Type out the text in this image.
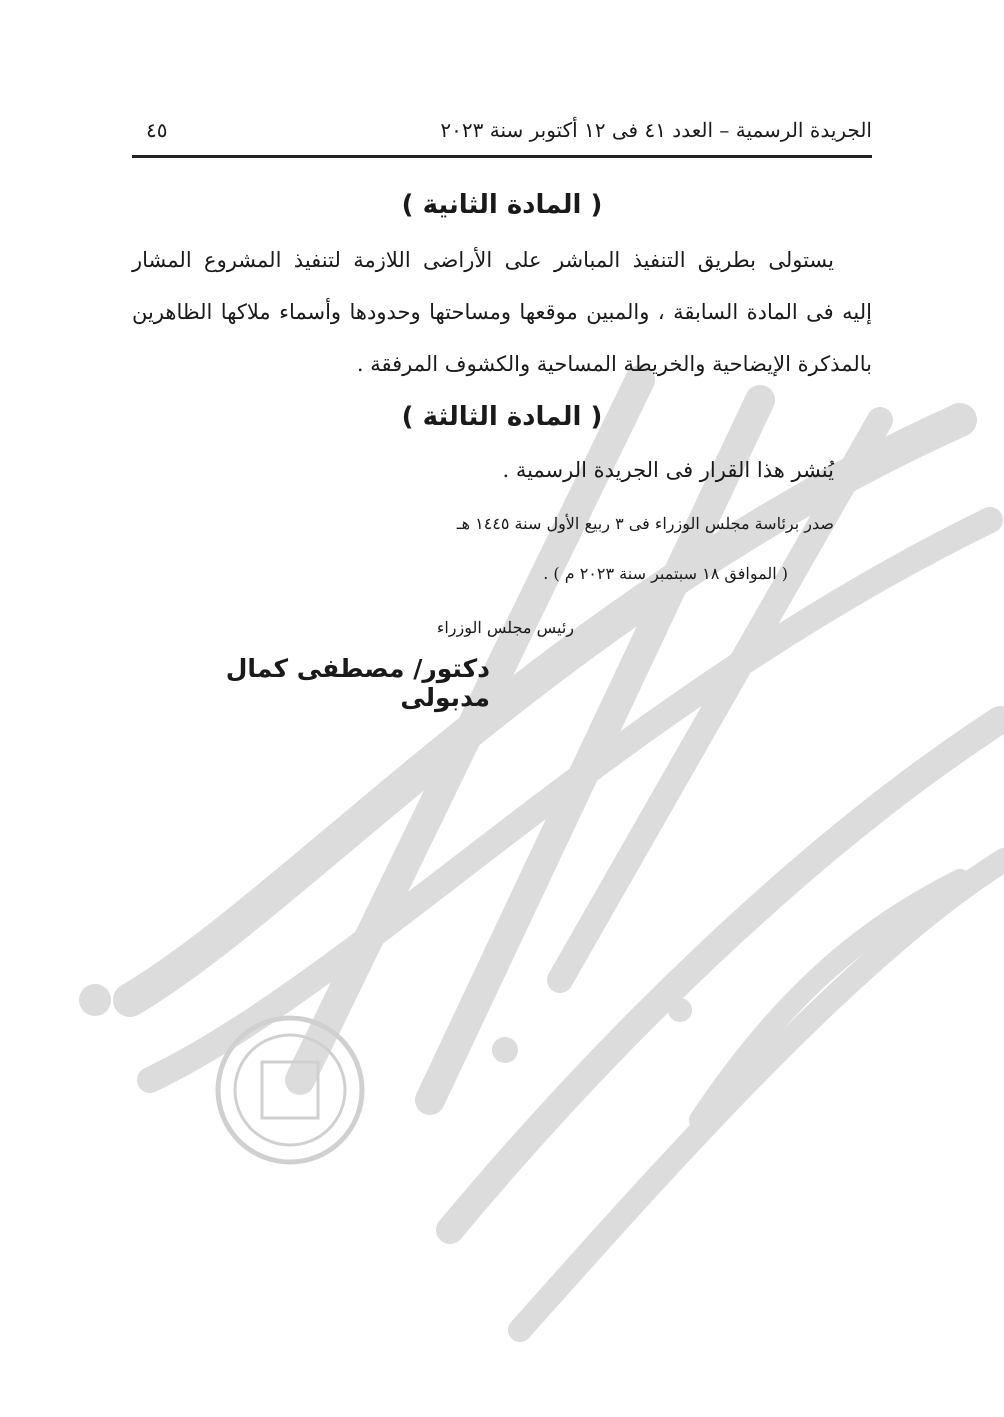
الجريدة الرسمية – العدد ٤١ فى ١٢ أكتوبر سنة ٢٠٢٣
٤٥
( المادة الثانية )
يستولى بطريق التنفيذ المباشر على الأراضى اللازمة لتنفيذ المشروع المشار
إليه فى المادة السابقة ، والمبين موقعها ومساحتها وحدودها وأسماء ملاكها الظاهرين
بالمذكرة الإيضاحية والخريطة المساحية والكشوف المرفقة .
( المادة الثالثة )
يُنشر هذا القرار فى الجريدة الرسمية .
صدر برئاسة مجلس الوزراء فى ٣ ربيع الأول سنة ١٤٤٥ هـ
( الموافق ١٨ سبتمبر سنة ٢٠٢٣ م ) .
رئيس مجلس الوزراء
دكتور/ مصطفى كمال مدبولى
